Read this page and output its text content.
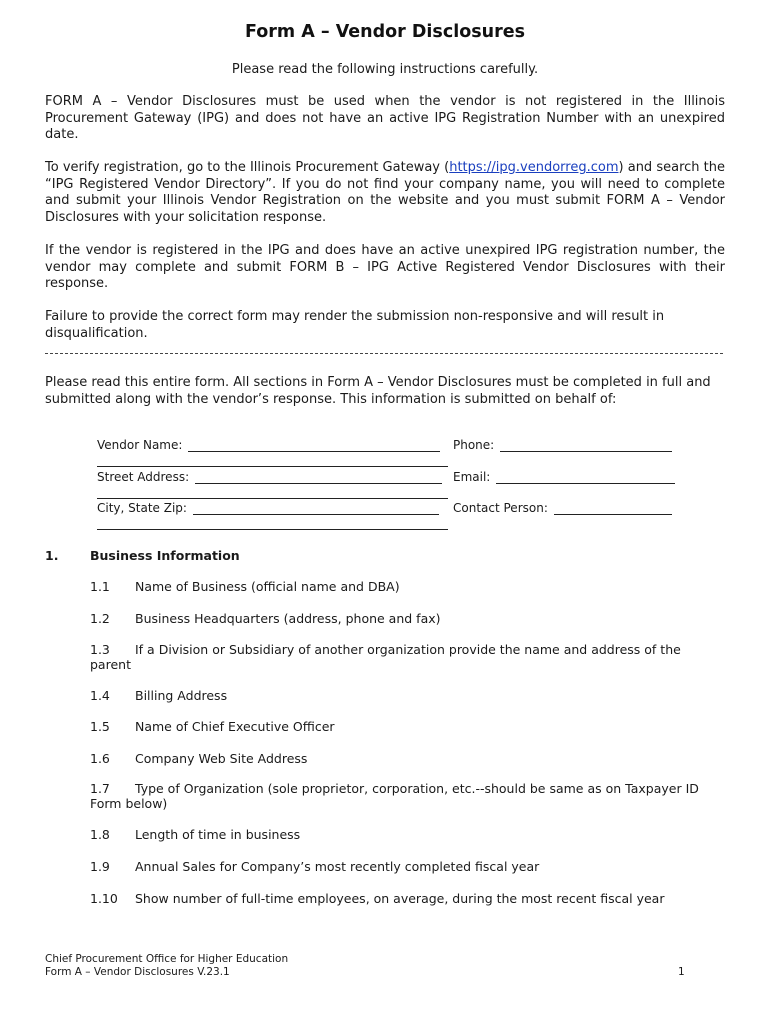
Form A – Vendor Disclosures
Please read the following instructions carefully.

FORM A – Vendor Disclosures must be used when the vendor is not registered in the Illinois Procurement Gateway (IPG) and does not have an active IPG Registration Number with an unexpired date.

To verify registration, go to the Illinois Procurement Gateway (https://ipg.vendorreg.com) and search the “IPG Registered Vendor Directory”. If you do not find your company name, you will need to complete and submit your Illinois Vendor Registration on the website and you must submit FORM A – Vendor Disclosures with your solicitation response.

If the vendor is registered in the IPG and does have an active unexpired IPG registration number, the vendor may complete and submit FORM B – IPG Active Registered Vendor Disclosures with their response.

Failure to provide the correct form may render the submission non-responsive and will result in disqualification.

Please read this entire form. All sections in Form A – Vendor Disclosures must be completed in full and submitted along with the vendor’s response. This information is submitted on behalf of:

Vendor Name:	Phone:
Street Address:	Email:
City, State Zip:	Contact Person:
1.	Business Information
1.1 Name of Business (official name and DBA)
1.2 Business Headquarters (address, phone and fax)
1.3 If a Division or Subsidiary of another organization provide the name and address of the parent
1.4 Billing Address
1.5 Name of Chief Executive Officer
1.6 Company Web Site Address
1.7 Type of Organization (sole proprietor, corporation, etc.--should be same as on Taxpayer ID Form below)
1.8 Length of time in business
1.9 Annual Sales for Company’s most recently completed fiscal year
1.10 Show number of full-time employees, on average, during the most recent fiscal year
Chief Procurement Office for Higher Education
Form A – Vendor Disclosures V.23.1	1
